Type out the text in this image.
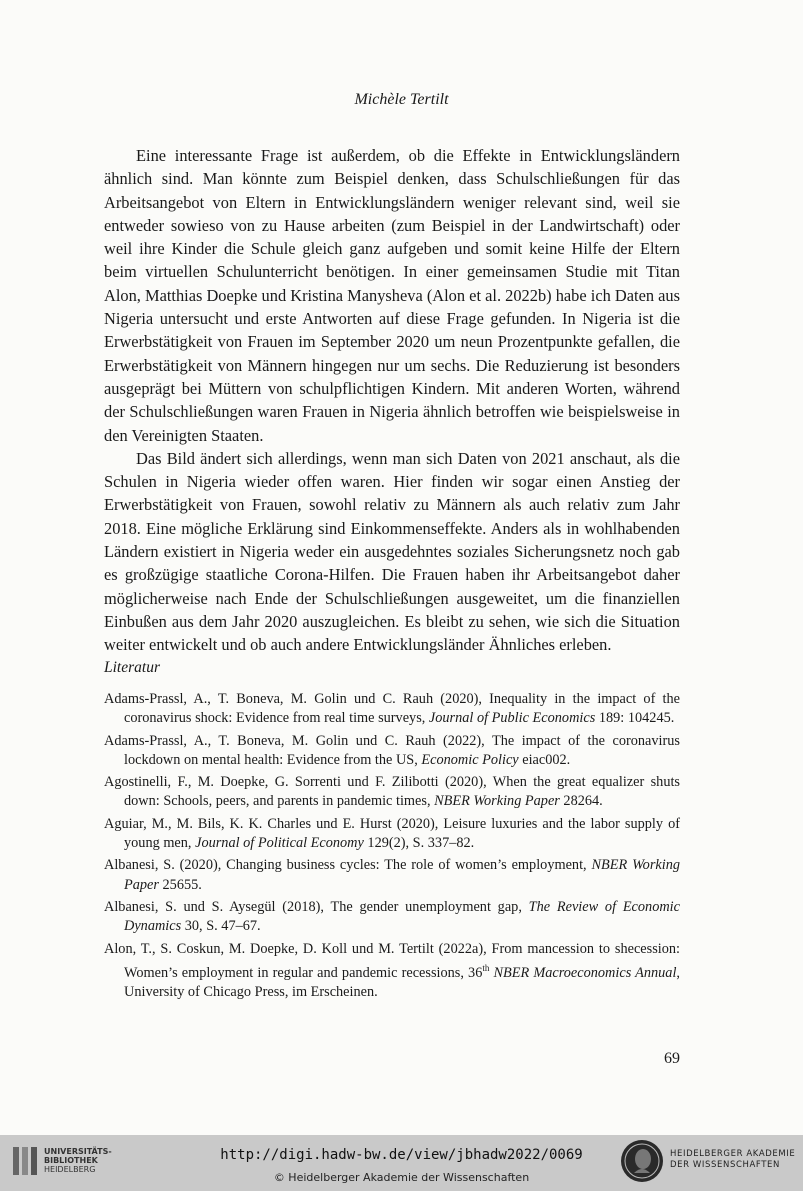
Michèle Tertilt

Eine interessante Frage ist außerdem, ob die Effekte in Entwicklungsländern ähnlich sind. Man könnte zum Beispiel denken, dass Schulschließungen für das Arbeitsangebot von Eltern in Entwicklungsländern weniger relevant sind, weil sie entweder sowieso von zu Hause arbeiten (zum Beispiel in der Landwirtschaft) oder weil ihre Kinder die Schule gleich ganz aufgeben und somit keine Hilfe der Eltern beim virtuellen Schulunterricht benötigen. In einer gemeinsamen Studie mit Titan Alon, Matthias Doepke und Kristina Manysheva (Alon et al. 2022b) habe ich Daten aus Nigeria untersucht und erste Antworten auf diese Frage gefunden. In Nigeria ist die Erwerbstätigkeit von Frauen im September 2020 um neun Prozentpunkte gefallen, die Erwerbstätigkeit von Männern hingegen nur um sechs. Die Reduzierung ist besonders ausgeprägt bei Müttern von schulpflichtigen Kindern. Mit anderen Worten, während der Schulschließungen waren Frauen in Nigeria ähnlich betroffen wie beispielsweise in den Vereinigten Staaten.

Das Bild ändert sich allerdings, wenn man sich Daten von 2021 anschaut, als die Schulen in Nigeria wieder offen waren. Hier finden wir sogar einen Anstieg der Erwerbstätigkeit von Frauen, sowohl relativ zu Männern als auch relativ zum Jahr 2018. Eine mögliche Erklärung sind Einkommenseffekte. Anders als in wohlhabenden Ländern existiert in Nigeria weder ein ausgedehntes soziales Sicherungsnetz noch gab es großzügige staatliche Corona-Hilfen. Die Frauen haben ihr Arbeitsangebot daher möglicherweise nach Ende der Schulschließungen ausgeweitet, um die finanziellen Einbußen aus dem Jahr 2020 auszugleichen. Es bleibt zu sehen, wie sich die Situation weiter entwickelt und ob auch andere Entwicklungsländer Ähnliches erleben.

Literatur

Adams-Prassl, A., T. Boneva, M. Golin und C. Rauh (2020), Inequality in the impact of the coronavirus shock: Evidence from real time surveys, Journal of Public Economics 189: 104245.

Adams-Prassl, A., T. Boneva, M. Golin und C. Rauh (2022), The impact of the coronavirus lockdown on mental health: Evidence from the US, Economic Policy eiac002.

Agostinelli, F., M. Doepke, G. Sorrenti und F. Zilibotti (2020), When the great equalizer shuts down: Schools, peers, and parents in pandemic times, NBER Working Paper 28264.

Aguiar, M., M. Bils, K. K. Charles und E. Hurst (2020), Leisure luxuries and the labor supply of young men, Journal of Political Economy 129(2), S. 337–82.

Albanesi, S. (2020), Changing business cycles: The role of women’s employment, NBER Working Paper 25655.

Albanesi, S. und S. Aysegül (2018), The gender unemployment gap, The Review of Economic Dynamics 30, S. 47–67.

Alon, T., S. Coskun, M. Doepke, D. Koll und M. Tertilt (2022a), From mancession to shecession: Women’s employment in regular and pandemic recessions, 36th NBER Macroeconomics Annual, University of Chicago Press, im Erscheinen.

69
UNIVERSITÄTS-
BIBLIOTHEK
HEIDELBERG
http://digi.hadw-bw.de/view/jbhadw2022/0069
© Heidelberger Akademie der Wissenschaften
HEIDELBERGER AKADEMIE
DER WISSENSCHAFTEN
